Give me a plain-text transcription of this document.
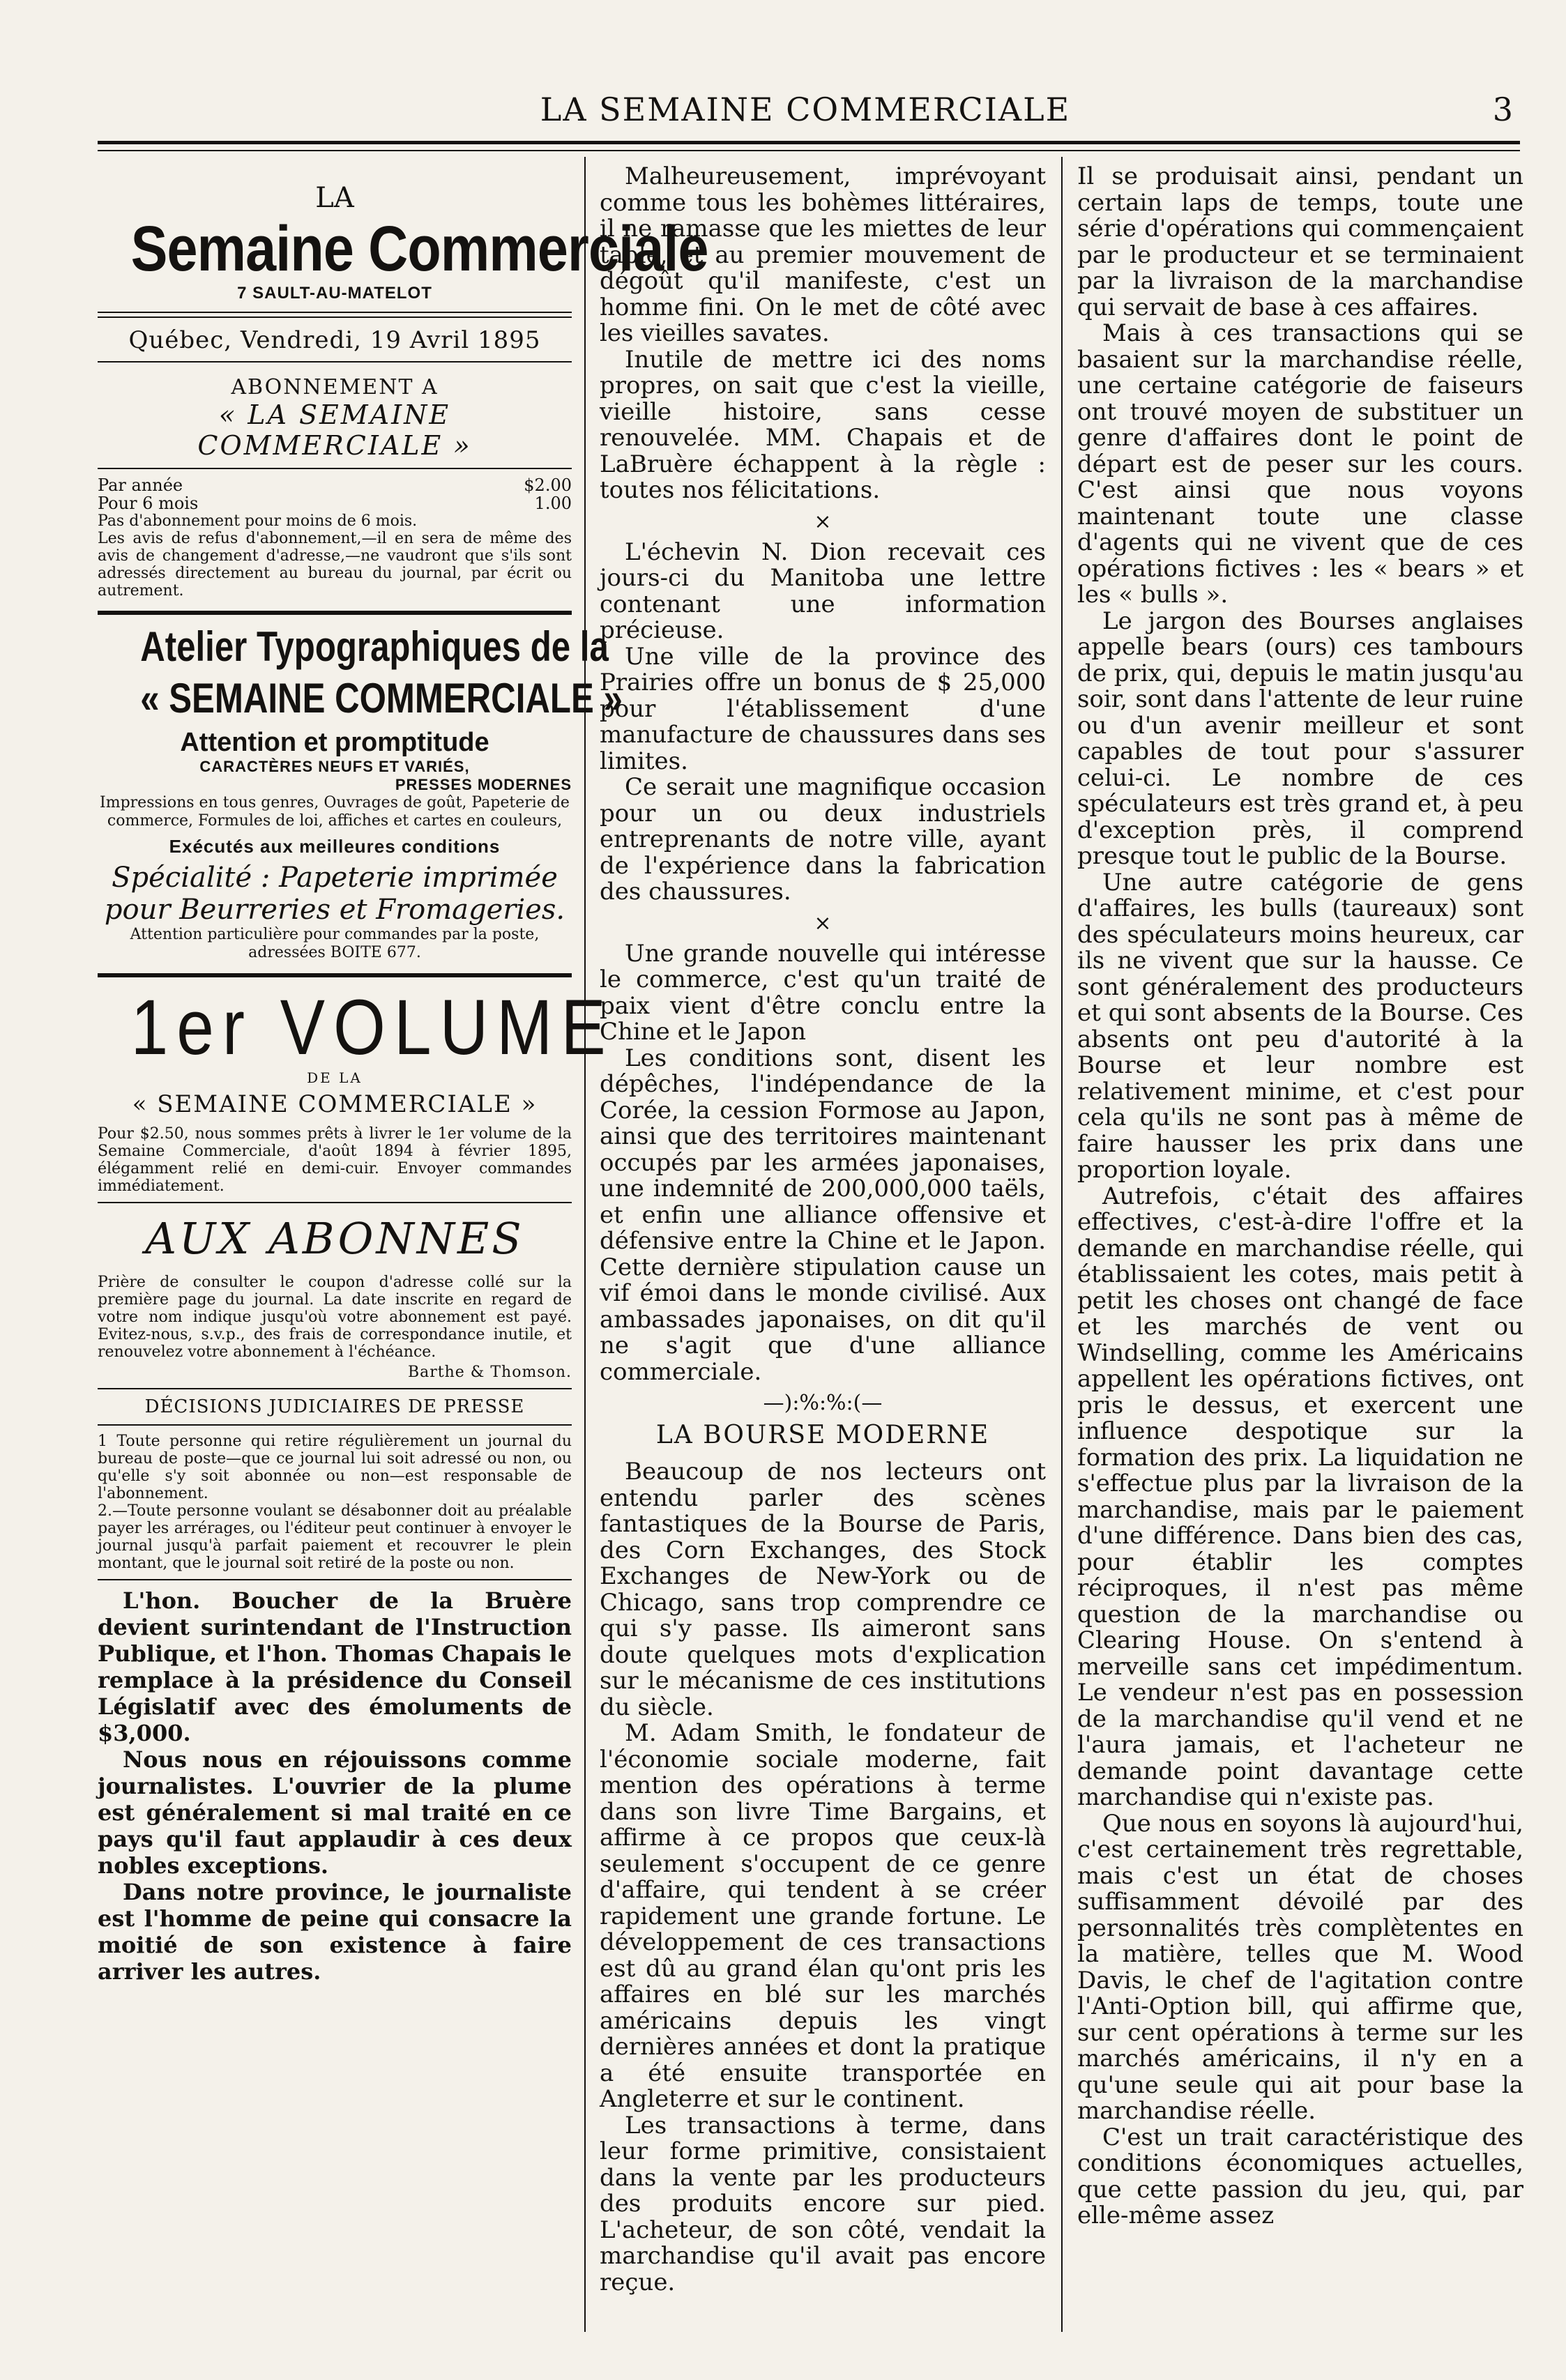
LA SEMAINE COMMERCIALE	3
LA
Semaine Commerciale
7 SAULT-AU-MATELOT
Québec, Vendredi, 19 Avril 1895
ABONNEMENT A
« LA SEMAINE COMMERCIALE »
Par année	$2.00
Pour 6 mois	1.00
Pas d'abonnement pour moins de 6 mois.
Les avis de refus d'abonnement,—il en sera de même des avis de changement d'adresse,—ne vaudront que s'ils sont adressés directement au bureau du journal, par écrit ou autrement.
Atelier Typographiques de la
« SEMAINE COMMERCIALE »
Attention et promptitude
CARACTÈRES NEUFS ET VARIÉS,
PRESSES MODERNES
Impressions en tous genres, Ouvrages de goût, Papeterie de commerce, Formules de loi, affiches et cartes en couleurs,
Exécutés aux meilleures conditions
Spécialité : Papeterie imprimée
pour Beurreries et Fromageries.
Attention particulière pour commandes par la poste, adressées BOITE 677.
1er VOLUME
DE LA
« SEMAINE COMMERCIALE »
Pour $2.50, nous sommes prêts à livrer le 1er volume de la Semaine Commerciale, d'août 1894 à février 1895, élégamment relié en demi-cuir. Envoyer commandes immédiatement.
AUX ABONNES
Prière de consulter le coupon d'adresse collé sur la première page du journal. La date inscrite en regard de votre nom indique jusqu'où votre abonnement est payé. Evitez-nous, s.v.p., des frais de correspondance inutile, et renouvelez votre abonnement à l'échéance.
Barthe & Thomson.
DÉCISIONS JUDICIAIRES DE PRESSE
1 Toute personne qui retire régulièrement un journal du bureau de poste—que ce journal lui soit adressé ou non, ou qu'elle s'y soit abonnée ou non—est responsable de l'abonnement.
2.—Toute personne voulant se désabonner doit au préalable payer les arrérages, ou l'éditeur peut continuer à envoyer le journal jusqu'à parfait paiement et recouvrer le plein montant, que le journal soit retiré de la poste ou non.

L'hon. Boucher de la Bruère devient surintendant de l'Instruction Publique, et l'hon. Thomas Chapais le remplace à la présidence du Conseil Législatif avec des émoluments de $3,000.

Nous nous en réjouissons comme journalistes. L'ouvrier de la plume est généralement si mal traité en ce pays qu'il faut applaudir à ces deux nobles exceptions.

Dans notre province, le journaliste est l'homme de peine qui consacre la moitié de son existence à faire arriver les autres.

Malheureusement, imprévoyant comme tous les bohèmes littéraires, il ne ramasse que les miettes de leur table, et au premier mouvement de dégoût qu'il manifeste, c'est un homme fini. On le met de côté avec les vieilles savates.

Inutile de mettre ici des noms propres, on sait que c'est la vieille, vieille histoire, sans cesse renouvelée. MM. Chapais et de LaBruère échappent à la règle : toutes nos félicitations.

×

L'échevin N. Dion recevait ces jours-ci du Manitoba une lettre contenant une information précieuse.

Une ville de la province des Prairies offre un bonus de $ 25,000 pour l'établissement d'une manufacture de chaussures dans ses limites.

Ce serait une magnifique occasion pour un ou deux industriels entreprenants de notre ville, ayant de l'expérience dans la fabrication des chaussures.

×

Une grande nouvelle qui intéresse le commerce, c'est qu'un traité de paix vient d'être conclu entre la Chine et le Japon

Les conditions sont, disent les dépêches, l'indépendance de la Corée, la cession Formose au Japon, ainsi que des territoires maintenant occupés par les armées japonaises, une indemnité de 200,000,000 taëls, et enfin une alliance offensive et défensive entre la Chine et le Japon. Cette dernière stipulation cause un vif émoi dans le monde civilisé. Aux ambassades japonaises, on dit qu'il ne s'agit que d'une alliance commerciale.

—):%:%:(—
LA BOURSE MODERNE

Beaucoup de nos lecteurs ont entendu parler des scènes fantastiques de la Bourse de Paris, des Corn Exchanges, des Stock Exchanges de New-York ou de Chicago, sans trop comprendre ce qui s'y passe. Ils aimeront sans doute quelques mots d'explication sur le mécanisme de ces institutions du siècle.

M. Adam Smith, le fondateur de l'économie sociale moderne, fait mention des opérations à terme dans son livre Time Bargains, et affirme à ce propos que ceux-là seulement s'occupent de ce genre d'affaire, qui tendent à se créer rapidement une grande fortune. Le développement de ces transactions est dû au grand élan qu'ont pris les affaires en blé sur les marchés américains depuis les vingt dernières années et dont la pratique a été ensuite transportée en Angleterre et sur le continent.

Les transactions à terme, dans leur forme primitive, consistaient dans la vente par les producteurs des produits encore sur pied. L'acheteur, de son côté, vendait la marchandise qu'il avait pas encore reçue.

Il se produisait ainsi, pendant un certain laps de temps, toute une série d'opérations qui commençaient par le producteur et se terminaient par la livraison de la marchandise qui servait de base à ces affaires.

Mais à ces transactions qui se basaient sur la marchandise réelle, une certaine catégorie de faiseurs ont trouvé moyen de substituer un genre d'affaires dont le point de départ est de peser sur les cours. C'est ainsi que nous voyons maintenant toute une classe d'agents qui ne vivent que de ces opérations fictives : les « bears » et les « bulls ».

Le jargon des Bourses anglaises appelle bears (ours) ces tambours de prix, qui, depuis le matin jusqu'au soir, sont dans l'attente de leur ruine ou d'un avenir meilleur et sont capables de tout pour s'assurer celui-ci. Le nombre de ces spéculateurs est très grand et, à peu d'exception près, il comprend presque tout le public de la Bourse.

Une autre catégorie de gens d'affaires, les bulls (taureaux) sont des spéculateurs moins heureux, car ils ne vivent que sur la hausse. Ce sont généralement des producteurs et qui sont absents de la Bourse. Ces absents ont peu d'autorité à la Bourse et leur nombre est relativement minime, et c'est pour cela qu'ils ne sont pas à même de faire hausser les prix dans une proportion loyale.

Autrefois, c'était des affaires effectives, c'est-à-dire l'offre et la demande en marchandise réelle, qui établissaient les cotes, mais petit à petit les choses ont changé de face et les marchés de vent ou Windselling, comme les Américains appellent les opérations fictives, ont pris le dessus, et exercent une influence despotique sur la formation des prix. La liquidation ne s'effectue plus par la livraison de la marchandise, mais par le paiement d'une différence. Dans bien des cas, pour établir les comptes réciproques, il n'est pas même question de la marchandise ou Clearing House. On s'entend à merveille sans cet impédimentum. Le vendeur n'est pas en possession de la marchandise qu'il vend et ne l'aura jamais, et l'acheteur ne demande point davantage cette marchandise qui n'existe pas.

Que nous en soyons là aujourd'hui, c'est certainement très regrettable, mais c'est un état de choses suffisamment dévoilé par des personnalités très complètentes en la matière, telles que M. Wood Davis, le chef de l'agitation contre l'Anti-Option bill, qui affirme que, sur cent opérations à terme sur les marchés américains, il n'y en a qu'une seule qui ait pour base la marchandise réelle.

C'est un trait caractéristique des conditions économiques actuelles, que cette passion du jeu, qui, par elle-même assez
